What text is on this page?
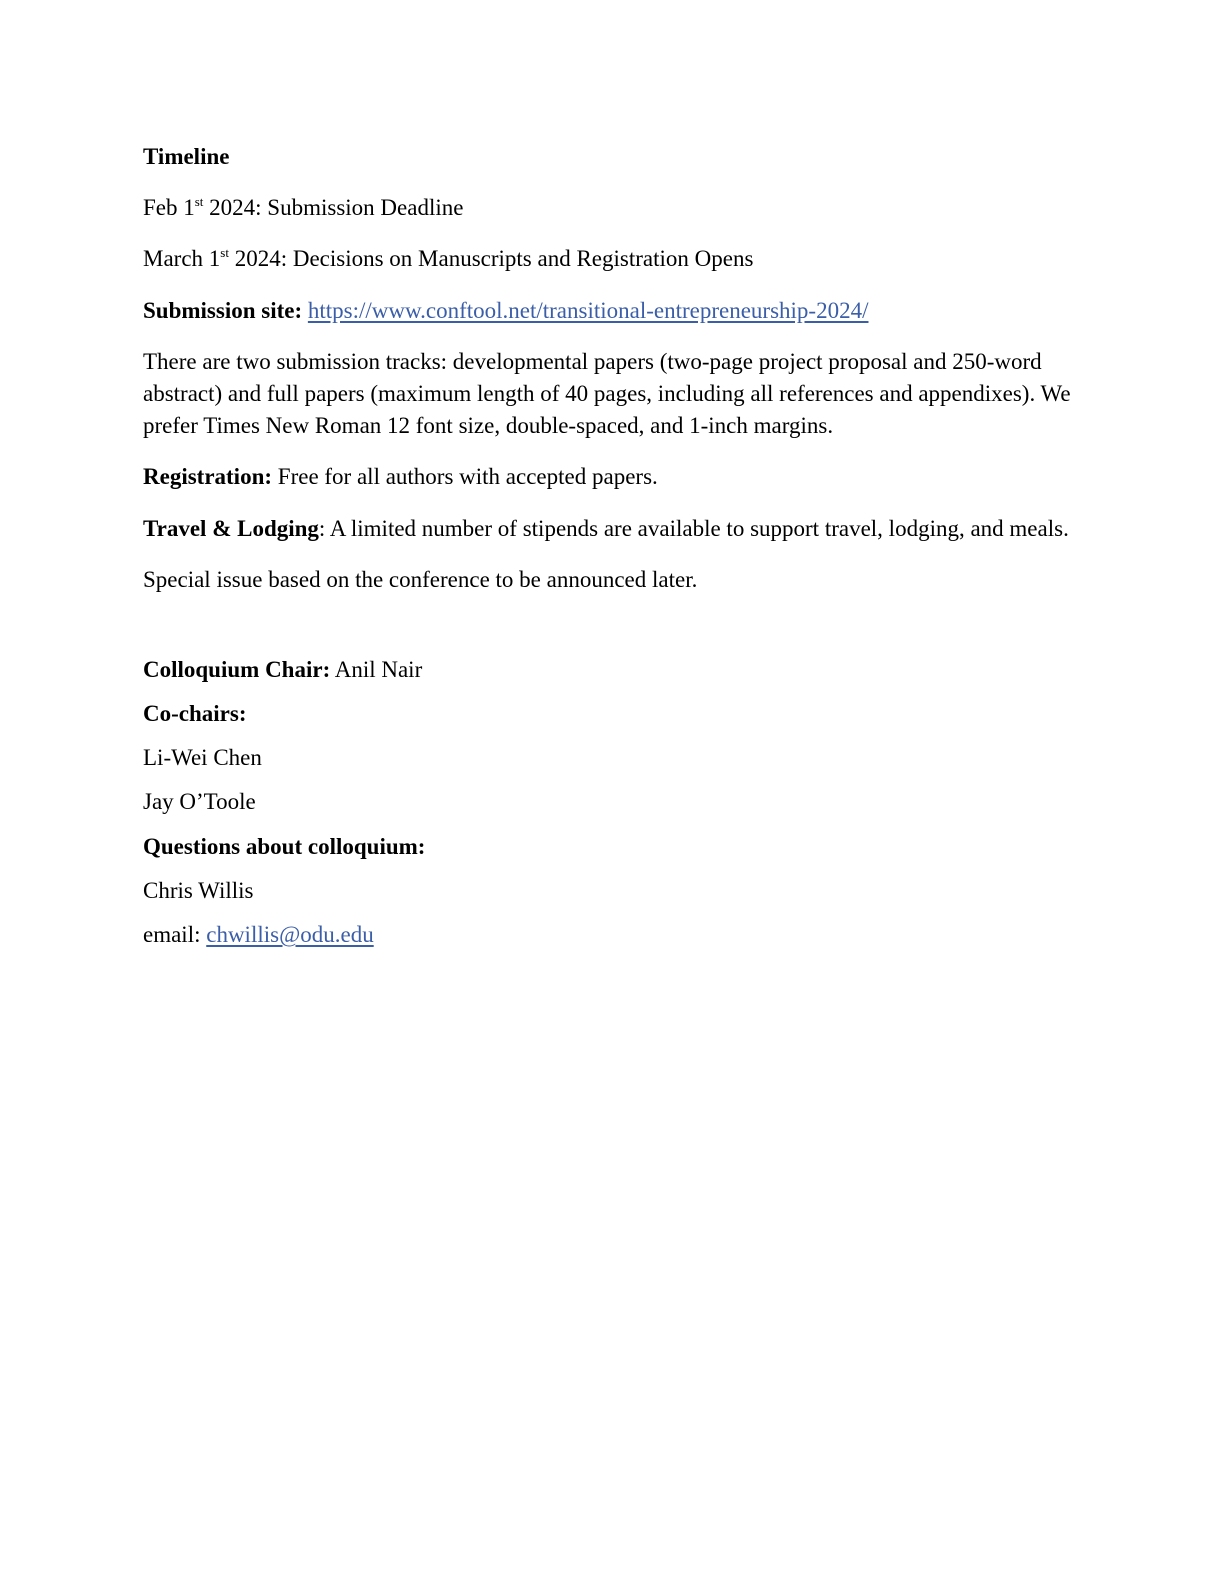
Timeline

Feb 1st 2024: Submission Deadline

March 1st 2024: Decisions on Manuscripts and Registration Opens

Submission site: https://www.conftool.net/transitional-entrepreneurship-2024/

There are two submission tracks: developmental papers (two-page project proposal and 250-word abstract) and full papers (maximum length of 40 pages, including all references and appendixes). We prefer Times New Roman 12 font size, double-spaced, and 1-inch margins.

Registration: Free for all authors with accepted papers.

Travel & Lodging: A limited number of stipends are available to support travel, lodging, and meals.

Special issue based on the conference to be announced later.

Colloquium Chair: Anil Nair

Co-chairs:

Li-Wei Chen

Jay O’Toole

Questions about colloquium:

Chris Willis

email: chwillis@odu.edu
